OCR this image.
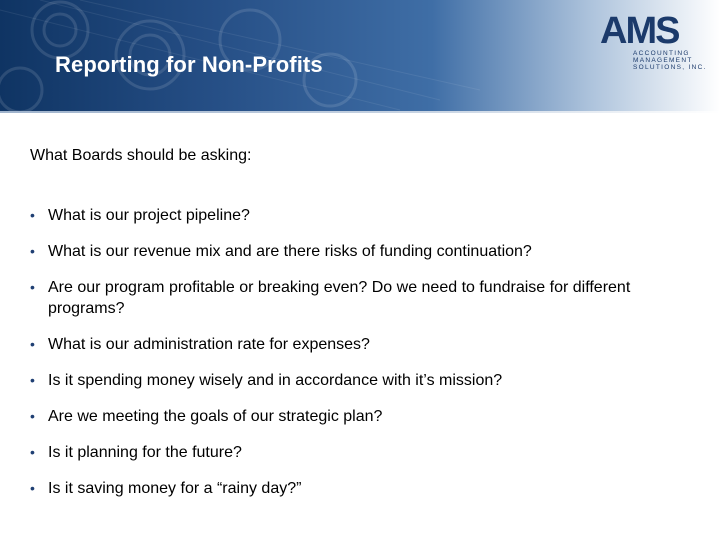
Reporting for Non-Profits
AMS
ACCOUNTING
MANAGEMENT
SOLUTIONS, INC.

What Boards should be asking:

• What is our project pipeline?
• What is our revenue mix and are there risks of funding continuation?
• Are our program profitable or breaking even? Do we need to fundraise for different programs?
• What is our administration rate for expenses?
• Is it spending money wisely and in accordance with it’s mission?
• Are we meeting the goals of our strategic plan?
• Is it planning for the future?
• Is it saving money for a “rainy day?”
